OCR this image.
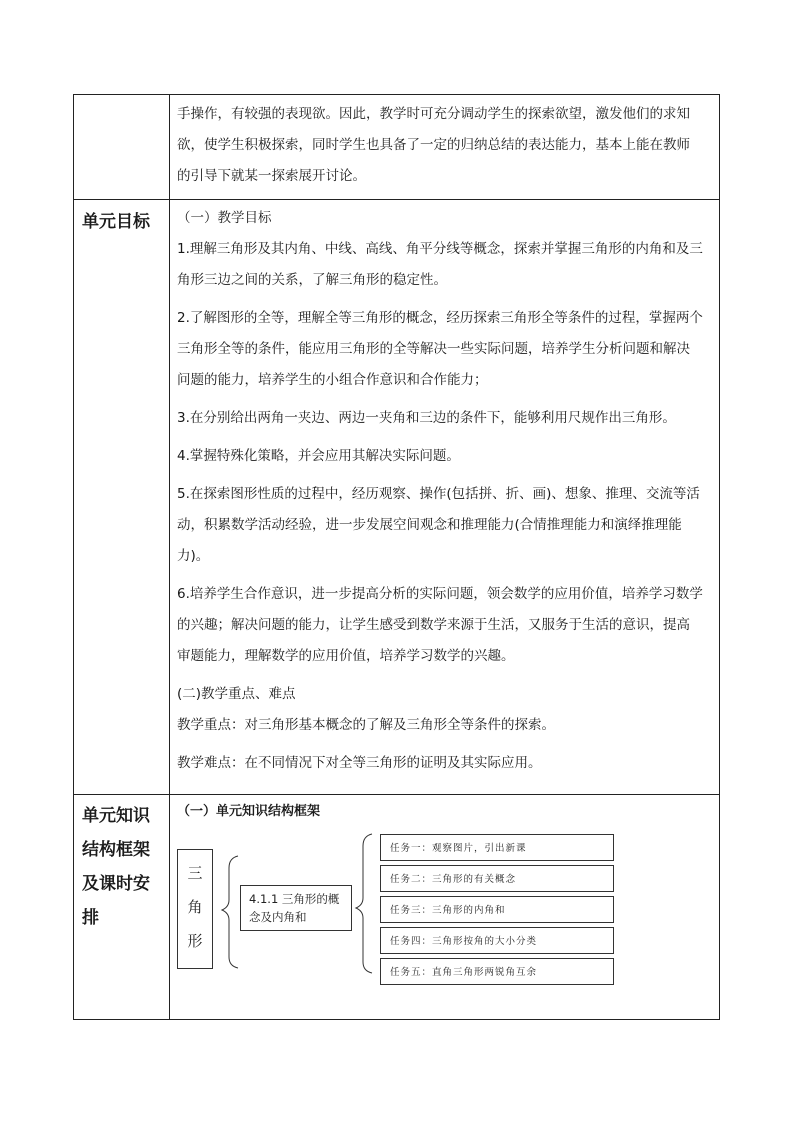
手操作，有较强的表现欲。因此，教学时可充分调动学生的探索欲望，激发他们的求知

欲，使学生积极探索，同时学生也具备了一定的归纳总结的表达能力，基本上能在教师

的引导下就某一探索展开讨论。

单元目标	（一）教学目标

1.理解三角形及其内角、中线、高线、角平分线等概念，探索并掌握三角形的内角和及三

角形三边之间的关系，了解三角形的稳定性。

2.了解图形的全等，理解全等三角形的概念，经历探索三角形全等条件的过程，掌握两个

三角形全等的条件，能应用三角形的全等解决一些实际问题，培养学生分析问题和解决

问题的能力，培养学生的小组合作意识和合作能力；

3.在分别给出两角一夹边、两边一夹角和三边的条件下，能够利用尺规作出三角形。

4.掌握特殊化策略，并会应用其解决实际问题。

5.在探索图形性质的过程中，经历观察、操作(包括拼、折、画)、想象、推理、交流等活

动，积累数学活动经验，进一步发展空间观念和推理能力(合情推理能力和演绎推理能

力)。

6.培养学生合作意识，进一步提高分析的实际问题，领会数学的应用价值，培养学习数学

的兴趣；解决问题的能力，让学生感受到数学来源于生活，又服务于生活的意识，提高

审题能力，理解数学的应用价值，培养学习数学的兴趣。

(二)教学重点、难点

教学重点：对三角形基本概念的了解及三角形全等条件的探索。

教学难点：在不同情况下对全等三角形的证明及其实际应用。

单元知识
结构框架
及课时安
排
（一）单元知识结构框架
三
角
形
4.1.1 三角形的概念及内角和
任务一：观察图片，引出新课
任务二：三角形的有关概念
任务三：三角形的内角和
任务四：三角形按角的大小分类
任务五：直角三角形两锐角互余
